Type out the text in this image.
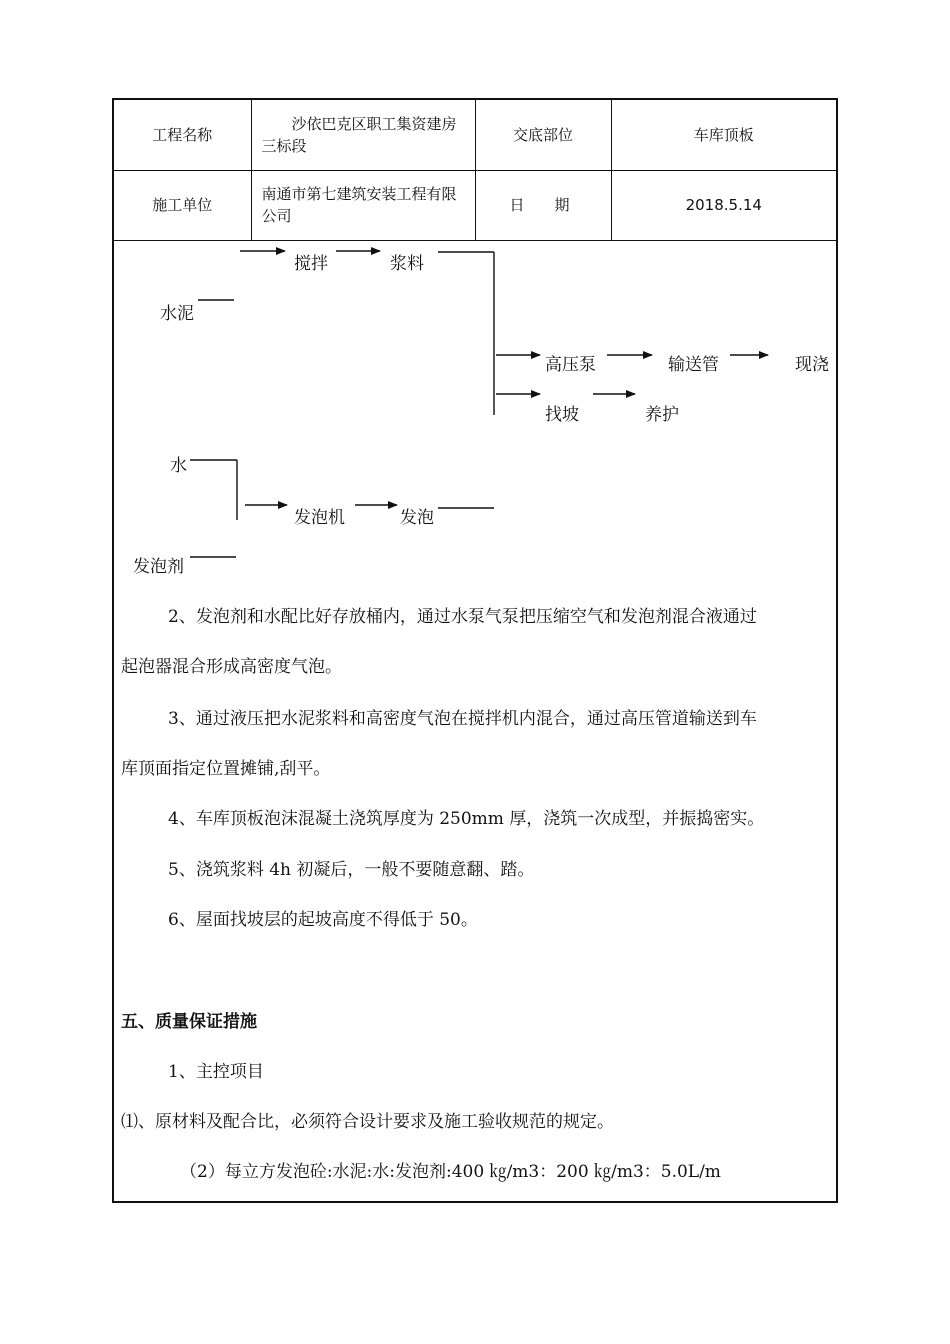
工程名称	沙依巴克区职工集资建房三标段	交底部位	车库顶板
施工单位	南通市第七建筑安装工程有限公司	日　　期	2018.5.14
搅拌	浆料
水泥
高压泵	输送管	现浇
找坡	养护
水
发泡机	发泡
发泡剂
2、发泡剂和水配比好存放桶内，通过水泵气泵把压缩空气和发泡剂混合液通过
起泡器混合形成高密度气泡。
3、通过液压把水泥浆料和高密度气泡在搅拌机内混合，通过高压管道输送到车
库顶面指定位置摊铺,刮平。
4、车库顶板泡沫混凝土浇筑厚度为 250mm 厚，浇筑一次成型，并振捣密实。
5、浇筑浆料 4h 初凝后，一般不要随意翻、踏。
6、屋面找坡层的起坡高度不得低于 50。
五、质量保证措施
1、主控项目
⑴、原材料及配合比，必须符合设计要求及施工验收规范的规定。
（2）每立方发泡砼:水泥:水:发泡剂:400 ㎏/m3：200 ㎏/m3：5.0L/m
